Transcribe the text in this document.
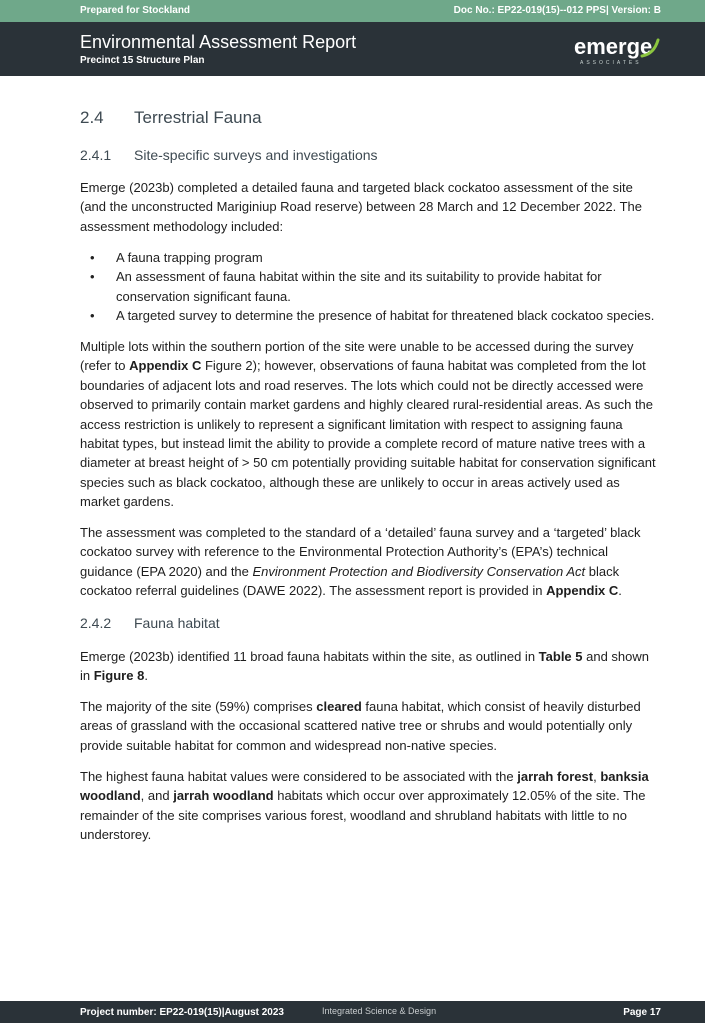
Prepared for Stockland	Doc No.: EP22-019(15)--012 PPS| Version: B
Environmental Assessment Report
Precinct 15 Structure Plan
emerge
ASSOCIATES
2.4 Terrestrial Fauna
2.4.1 Site-specific surveys and investigations
Emerge (2023b) completed a detailed fauna and targeted black cockatoo assessment of the site (and the unconstructed Mariginiup Road reserve) between 28 March and 12 December 2022. The assessment methodology included:
• A fauna trapping program
• An assessment of fauna habitat within the site and its suitability to provide habitat for conservation significant fauna.
• A targeted survey to determine the presence of habitat for threatened black cockatoo species.
Multiple lots within the southern portion of the site were unable to be accessed during the survey (refer to Appendix C Figure 2); however, observations of fauna habitat was completed from the lot boundaries of adjacent lots and road reserves. The lots which could not be directly accessed were observed to primarily contain market gardens and highly cleared rural-residential areas. As such the access restriction is unlikely to represent a significant limitation with respect to assigning fauna habitat types, but instead limit the ability to provide a complete record of mature native trees with a diameter at breast height of > 50 cm potentially providing suitable habitat for conservation significant species such as black cockatoo, although these are unlikely to occur in areas actively used as market gardens.
The assessment was completed to the standard of a ‘detailed’ fauna survey and a ‘targeted’ black cockatoo survey with reference to the Environmental Protection Authority’s (EPA’s) technical guidance (EPA 2020) and the Environment Protection and Biodiversity Conservation Act black cockatoo referral guidelines (DAWE 2022). The assessment report is provided in Appendix C.
2.4.2 Fauna habitat
Emerge (2023b) identified 11 broad fauna habitats within the site, as outlined in Table 5 and shown in Figure 8.
The majority of the site (59%) comprises cleared fauna habitat, which consist of heavily disturbed areas of grassland with the occasional scattered native tree or shrubs and would potentially only provide suitable habitat for common and widespread non-native species.
The highest fauna habitat values were considered to be associated with the jarrah forest, banksia woodland, and jarrah woodland habitats which occur over approximately 12.05% of the site. The remainder of the site comprises various forest, woodland and shrubland habitats with little to no understorey.
Project number: EP22-019(15)|August 2023	Integrated Science & Design	Page 17
